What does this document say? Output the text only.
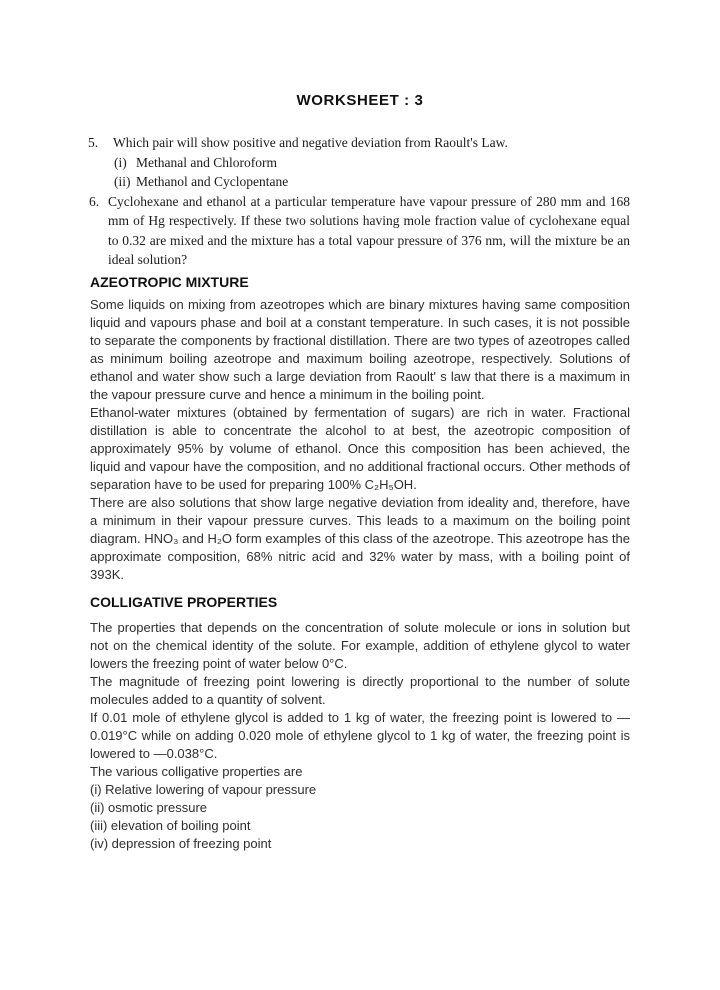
WORKSHEET : 3
5. Which pair will show positive and negative deviation from Raoult's Law.
(i) Methanal and Chloroform
(ii) Methanol and Cyclopentane
6. Cyclohexane and ethanol at a particular temperature have vapour pressure of 280 mm and 168 mm of Hg respectively. If these two solutions having mole fraction value of cyclohexane equal to 0.32 are mixed and the mixture has a total vapour pressure of 376 nm, will the mixture be an ideal solution?
AZEOTROPIC MIXTURE

Some liquids on mixing from azeotropes which are binary mixtures having same composition liquid and vapours phase and boil at a constant temperature. In such cases, it is not possible to separate the components by fractional distillation. There are two types of azeotropes called as minimum boiling azeotrope and maximum boiling azeotrope, respectively. Solutions of ethanol and water show such a large deviation from Raoult' s law that there is a maximum in the vapour pressure curve and hence a minimum in the boiling point.

Ethanol-water mixtures (obtained by fermentation of sugars) are rich in water. Fractional distillation is able to concentrate the alcohol to at best, the azeotropic composition of approximately 95% by volume of ethanol. Once this composition has been achieved, the liquid and vapour have the composition, and no additional fractional occurs. Other methods of separation have to be used for preparing 100% C₂H₅OH.

There are also solutions that show large negative deviation from ideality and, therefore, have a minimum in their vapour pressure curves. This leads to a maximum on the boiling point diagram. HNO₃ and H₂O form examples of this class of the azeotrope. This azeotrope has the approximate composition, 68% nitric acid and 32% water by mass, with a boiling point of 393K.

COLLIGATIVE PROPERTIES

The properties that depends on the concentration of solute molecule or ions in solution but not on the chemical identity of the solute. For example, addition of ethylene glycol to water lowers the freezing point of water below 0°C.

The magnitude of freezing point lowering is directly proportional to the number of solute molecules added to a quantity of solvent.

If 0.01 mole of ethylene glycol is added to 1 kg of water, the freezing point is lowered to —0.019°C while on adding 0.020 mole of ethylene glycol to 1 kg of water, the freezing point is lowered to —0.038°C.

The various colligative properties are

(i) Relative lowering of vapour pressure
(ii) osmotic pressure
(iii) elevation of boiling point
(iv) depression of freezing point
